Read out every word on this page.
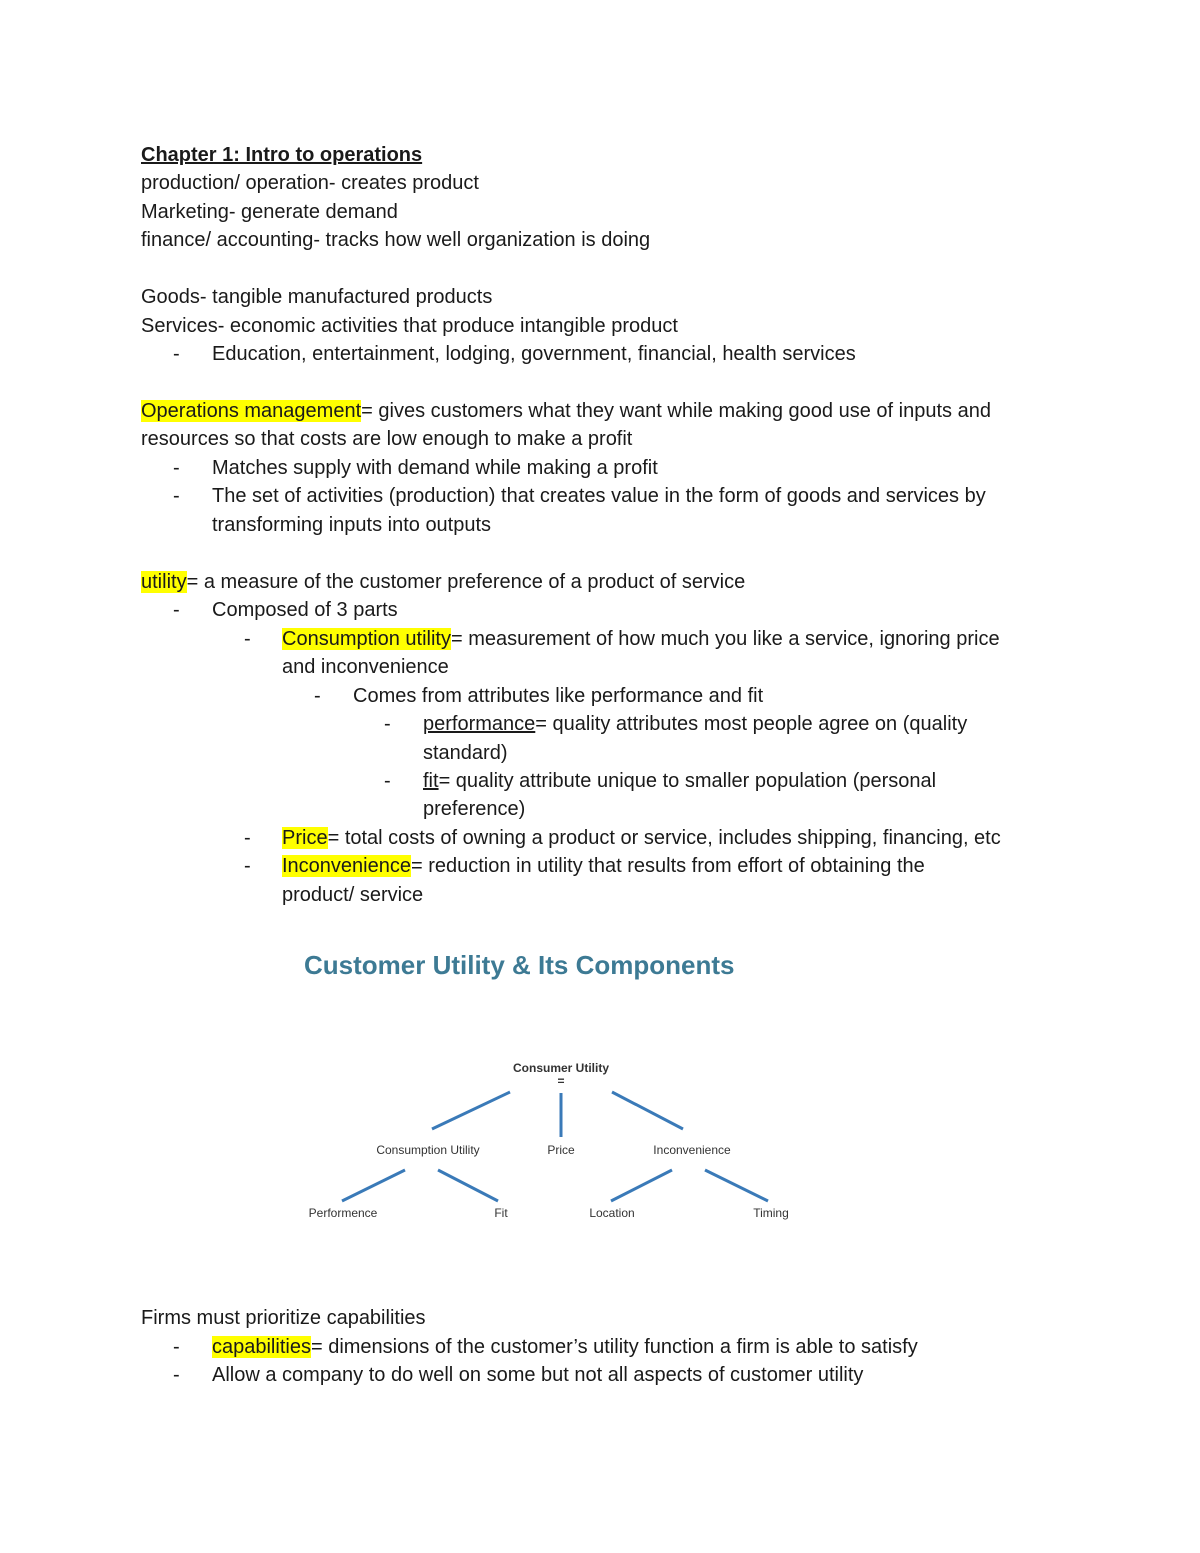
Chapter 1: Intro to operations
production/ operation- creates product
Marketing- generate demand
finance/ accounting- tracks how well organization is doing
Goods- tangible manufactured products
Services- economic activities that produce intangible product
- Education, entertainment, lodging, government, financial, health services
Operations management= gives customers what they want while making good use of inputs and
resources so that costs are low enough to make a profit
- Matches supply with demand while making a profit
- The set of activities (production) that creates value in the form of goods and services by
transforming inputs into outputs
utility= a measure of the customer preference of a product of service
- Composed of 3 parts
- Consumption utility= measurement of how much you like a service, ignoring price
and inconvenience
- Comes from attributes like performance and fit
- performance= quality attributes most people agree on (quality
standard)
- fit= quality attribute unique to smaller population (personal
preference)
- Price= total costs of owning a product or service, includes shipping, financing, etc
- Inconvenience= reduction in utility that results from effort of obtaining the
product/ service
Firms must prioritize capabilities
- capabilities= dimensions of the customer’s utility function a firm is able to satisfy
- Allow a company to do well on some but not all aspects of customer utility
Customer Utility & Its Components
Consumer Utility
=
Consumption Utility	Price	Inconvenience
Performence	Fit	Location	Timing
